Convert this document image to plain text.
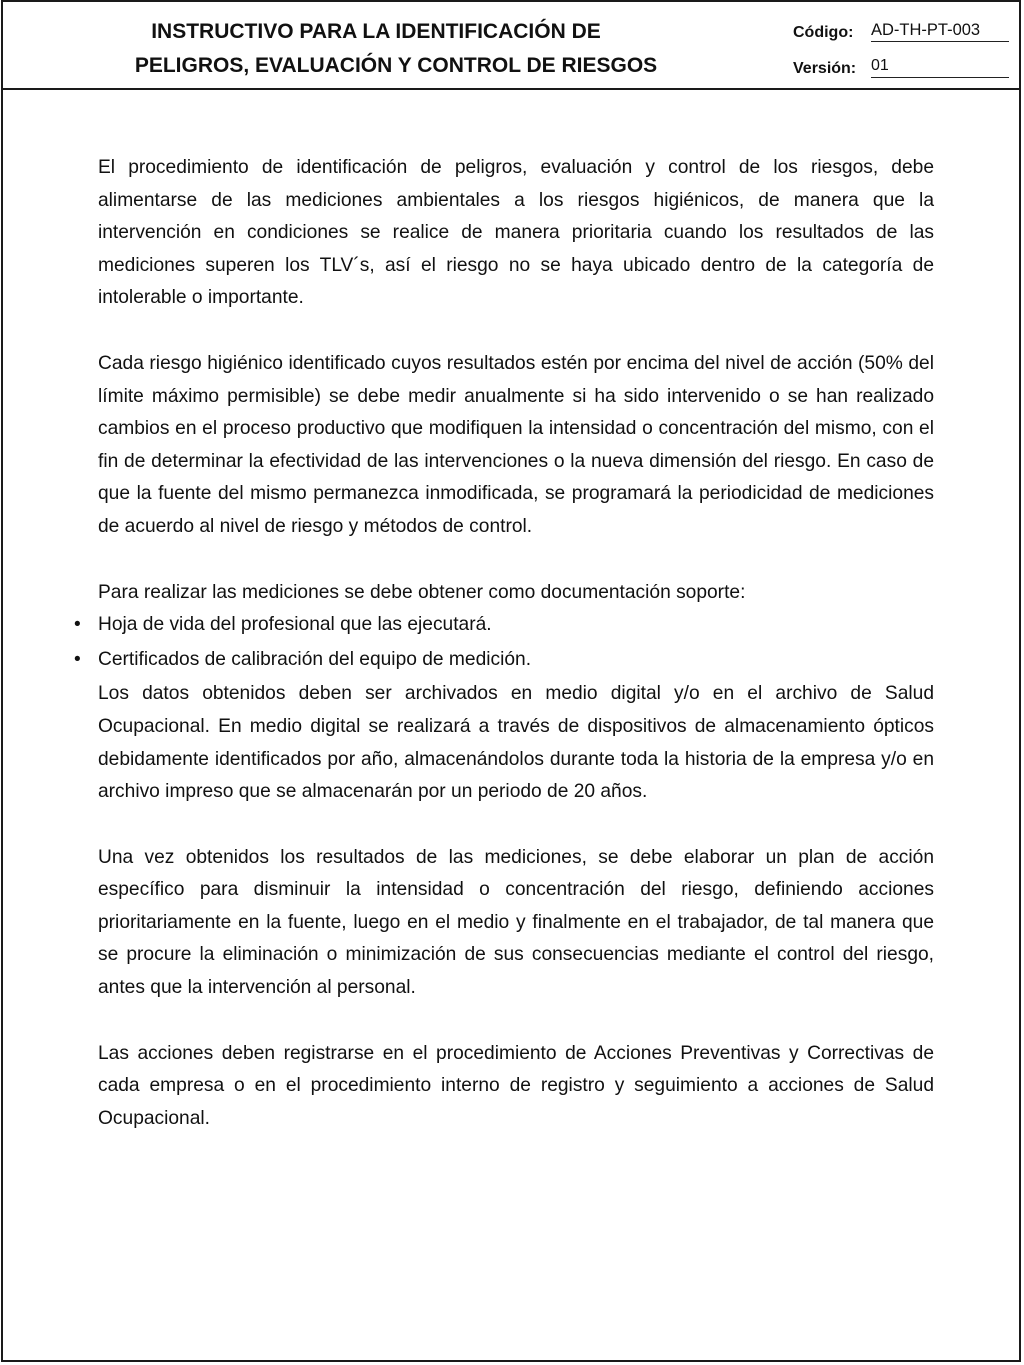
INSTRUCTIVO PARA LA IDENTIFICACIÓN DE
PELIGROS, EVALUACIÓN Y CONTROL DE RIESGOS
Código: AD-TH-PT-003
Versión: 01

El procedimiento de identificación de peligros, evaluación y control de los riesgos, debe alimentarse de las mediciones ambientales a los riesgos higiénicos, de manera que la intervención en condiciones se realice de manera prioritaria cuando los resultados de las mediciones superen los TLV´s, así el riesgo no se haya ubicado dentro de la categoría de intolerable o importante.

Cada riesgo higiénico identificado cuyos resultados estén por encima del nivel de acción (50% del límite máximo permisible) se debe medir anualmente si ha sido intervenido o se han realizado cambios en el proceso productivo que modifiquen la intensidad o concentración del mismo, con el fin de determinar la efectividad de las intervenciones o la nueva dimensión del riesgo. En caso de que la fuente del mismo permanezca inmodificada, se programará la periodicidad de mediciones de acuerdo al nivel de riesgo y métodos de control.

Para realizar las mediciones se debe obtener como documentación soporte:

• Hoja de vida del profesional que las ejecutará.
• Certificados de calibración del equipo de medición.

Los datos obtenidos deben ser archivados en medio digital y/o en el archivo de Salud Ocupacional. En medio digital se realizará a través de dispositivos de almacenamiento ópticos debidamente identificados por año, almacenándolos durante toda la historia de la empresa y/o en archivo impreso que se almacenarán por un periodo de 20 años.

Una vez obtenidos los resultados de las mediciones, se debe elaborar un plan de acción específico para disminuir la intensidad o concentración del riesgo, definiendo acciones prioritariamente en la fuente, luego en el medio y finalmente en el trabajador, de tal manera que se procure la eliminación o minimización de sus consecuencias mediante el control del riesgo, antes que la intervención al personal.

Las acciones deben registrarse en el procedimiento de Acciones Preventivas y Correctivas de cada empresa o en el procedimiento interno de registro y seguimiento a acciones de Salud Ocupacional.
